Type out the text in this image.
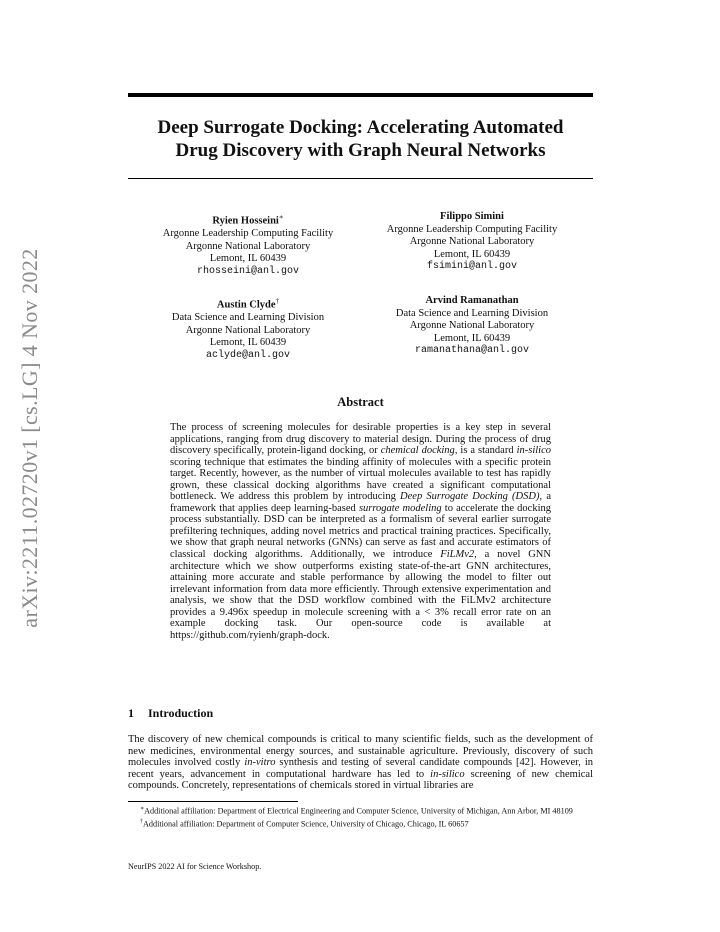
arXiv:2211.02720v1 [cs.LG] 4 Nov 2022
Deep Surrogate Docking: Accelerating Automated
Drug Discovery with Graph Neural Networks
Ryien Hosseini∗
Argonne Leadership Computing Facility
Argonne National Laboratory
Lemont, IL 60439
rhosseini@anl.gov
Filippo Simini
Argonne Leadership Computing Facility
Argonne National Laboratory
Lemont, IL 60439
fsimini@anl.gov
Austin Clyde†
Data Science and Learning Division
Argonne National Laboratory
Lemont, IL 60439
aclyde@anl.gov
Arvind Ramanathan
Data Science and Learning Division
Argonne National Laboratory
Lemont, IL 60439
ramanathana@anl.gov
Abstract
The process of screening molecules for desirable properties is a key step in several applications, ranging from drug discovery to material design. During the process of drug discovery specifically, protein-ligand docking, or chemical docking, is a standard in-silico scoring technique that estimates the binding affinity of molecules with a specific protein target. Recently, however, as the number of virtual molecules available to test has rapidly grown, these classical docking algorithms have created a significant computational bottleneck. We address this problem by introducing Deep Surrogate Docking (DSD), a framework that applies deep learning-based surrogate modeling to accelerate the docking process substantially. DSD can be interpreted as a formalism of several earlier surrogate prefiltering techniques, adding novel metrics and practical training practices. Specifically, we show that graph neural networks (GNNs) can serve as fast and accurate estimators of classical docking algorithms. Additionally, we introduce FiLMv2, a novel GNN architecture which we show outperforms existing state-of-the-art GNN architectures, attaining more accurate and stable performance by allowing the model to filter out irrelevant information from data more efficiently. Through extensive experimentation and analysis, we show that the DSD workflow combined with the FiLMv2 architecture provides a 9.496x speedup in molecule screening with a < 3% recall error rate on an example docking task. Our open-source code is available at https://github.com/ryienh/graph-dock.
1 Introduction
The discovery of new chemical compounds is critical to many scientific fields, such as the development of new medicines, environmental energy sources, and sustainable agriculture. Previously, discovery of such molecules involved costly in-vitro synthesis and testing of several candidate compounds [42]. However, in recent years, advancement in computational hardware has led to in-silico screening of new chemical compounds. Concretely, representations of chemicals stored in virtual libraries are
∗Additional affiliation: Department of Electrical Engineering and Computer Science, University of Michigan, Ann Arbor, MI 48109
†Additional affiliation: Department of Computer Science, University of Chicago, Chicago, IL 60657
NeurIPS 2022 AI for Science Workshop.
